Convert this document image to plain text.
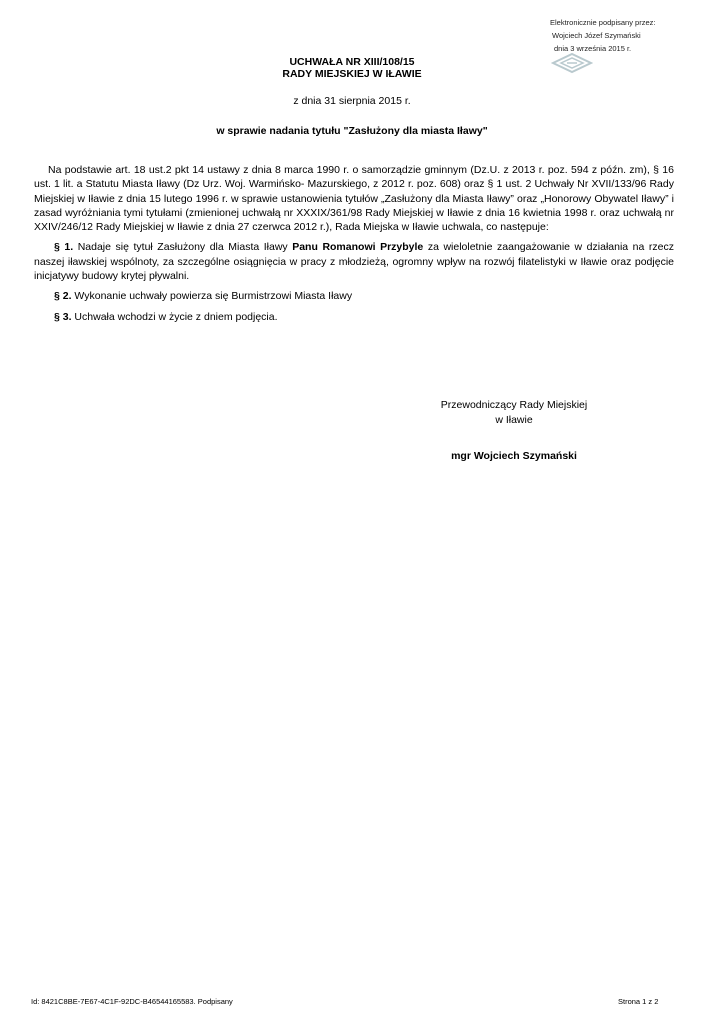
Elektronicznie podpisany przez:
Wojciech Józef Szymański
dnia 3 września 2015 r.
UCHWAŁA NR XIII/108/15
RADY MIEJSKIEJ W IŁAWIE
z dnia 31 sierpnia 2015 r.
w sprawie nadania tytułu "Zasłużony dla miasta Iławy"

Na podstawie art. 18 ust.2 pkt 14 ustawy z dnia 8 marca 1990 r. o samorządzie gminnym (Dz.U. z 2013 r. poz. 594 z późn. zm), § 16 ust. 1 lit. a Statutu Miasta Iławy (Dz Urz. Woj. Warmińsko- Mazurskiego, z 2012 r. poz. 608) oraz § 1 ust. 2 Uchwały Nr XVII/133/96 Rady Miejskiej w Iławie z dnia 15 lutego 1996 r. w sprawie ustanowienia tytułów „Zasłużony dla Miasta Iławy” oraz „Honorowy Obywatel Iławy” i zasad wyróżniania tymi tytułami (zmienionej uchwałą nr XXXIX/361/98 Rady Miejskiej w Iławie z dnia 16 kwietnia 1998 r. oraz uchwałą nr XXIV/246/12 Rady Miejskiej w Iławie z dnia 27 czerwca 2012 r.), Rada Miejska w Iławie uchwala, co następuje:

§ 1. Nadaje się tytuł Zasłużony dla Miasta Iławy Panu Romanowi Przybyle za wieloletnie zaangażowanie w działania na rzecz naszej iławskiej wspólnoty, za szczególne osiągnięcia w pracy z młodzieżą, ogromny wpływ na rozwój filatelistyki w Iławie oraz podjęcie inicjatywy budowy krytej pływalni.

§ 2. Wykonanie uchwały powierza się Burmistrzowi Miasta Iławy

§ 3. Uchwała wchodzi w życie z dniem podjęcia.

Przewodniczący Rady Miejskiej
w Iławie
mgr Wojciech Szymański
Id: 8421C8BE-7E67-4C1F-92DC-B46544165583. Podpisany	Strona 1 z 2
